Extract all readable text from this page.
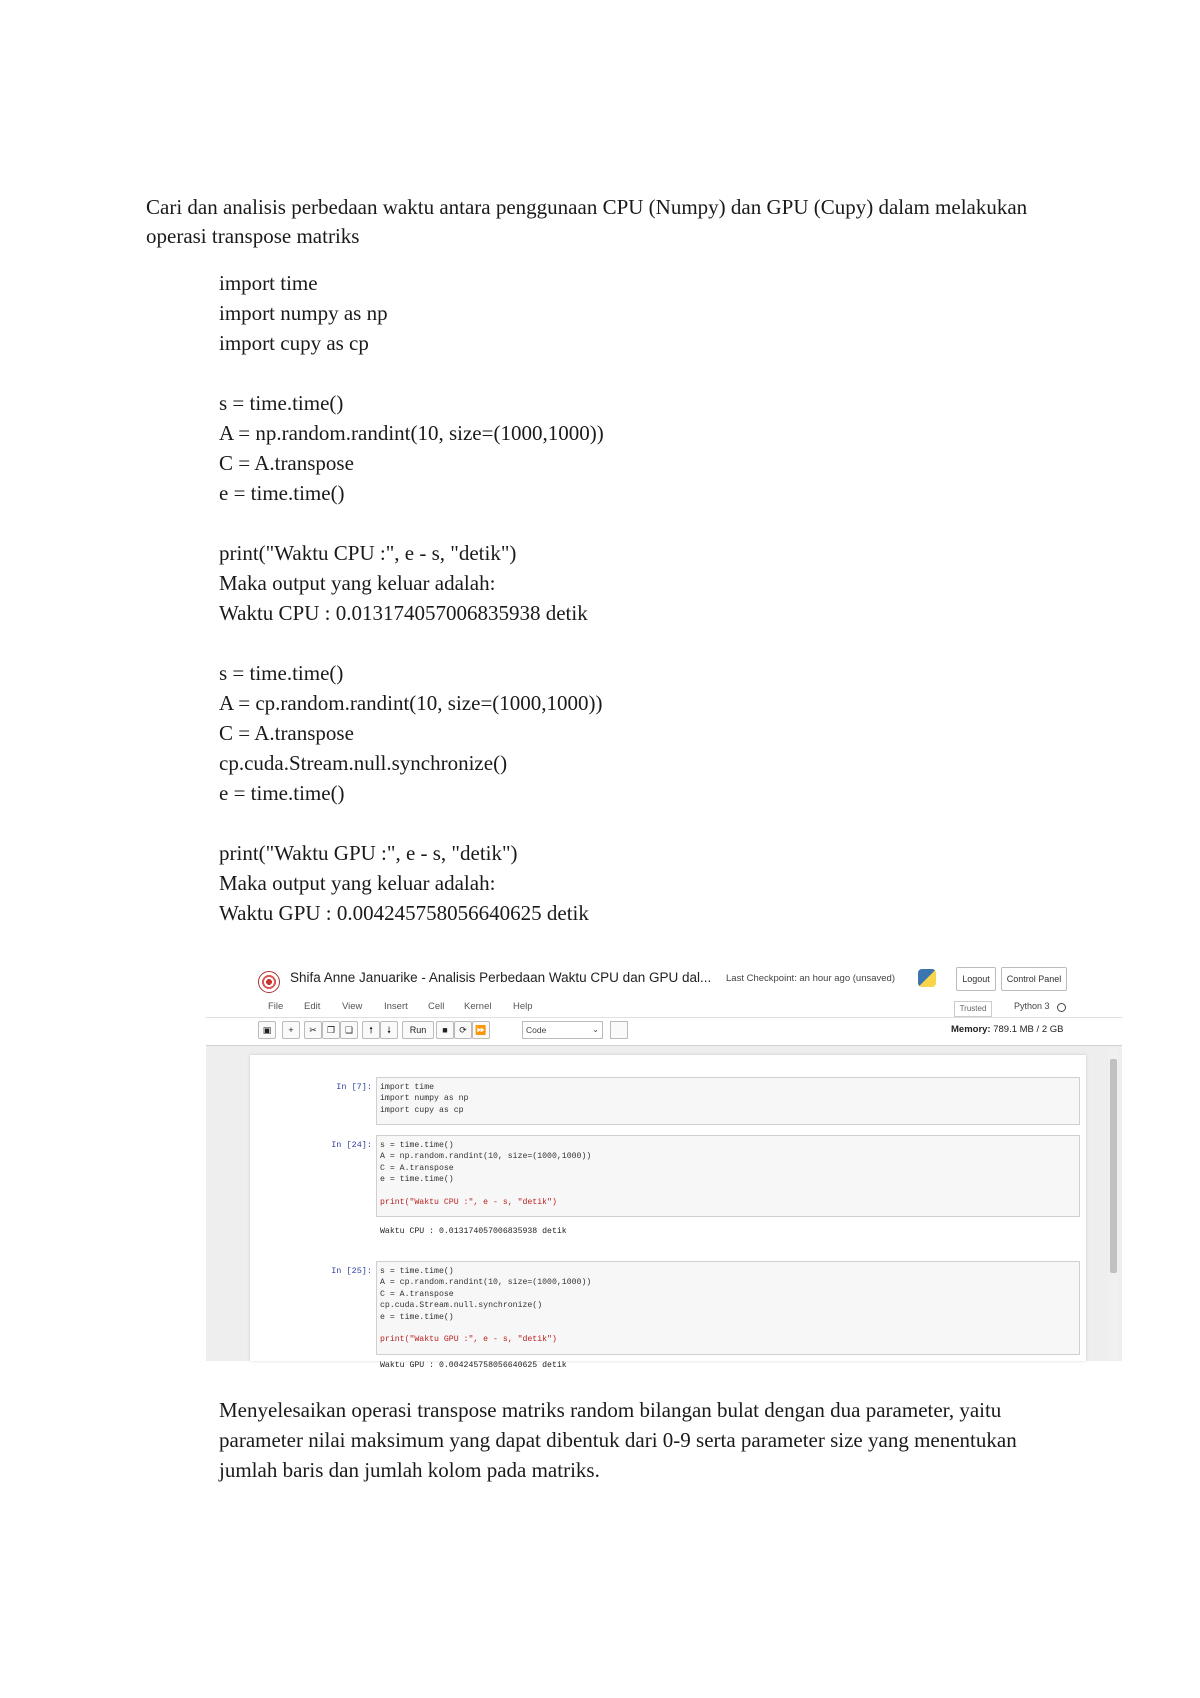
Cari dan analisis perbedaan waktu antara penggunaan CPU (Numpy) dan GPU (Cupy) dalam melakukan operasi transpose matriks

import time
import numpy as np
import cupy as cp
s = time.time()
A = np.random.randint(10, size=(1000,1000))
C = A.transpose
e = time.time()
print("Waktu CPU :", e - s, "detik")
Maka output yang keluar adalah:
Waktu CPU : 0.013174057006835938 detik
s = time.time()
A = cp.random.randint(10, size=(1000,1000))
C = A.transpose
cp.cuda.Stream.null.synchronize()
e = time.time()
print("Waktu GPU :", e - s, "detik")
Maka output yang keluar adalah:
Waktu GPU : 0.004245758056640625 detik
Shifa Anne Januarike - Analisis Perbedaan Waktu CPU dan GPU dal... Last Checkpoint: an hour ago (unsaved)	Logout	Control Panel
File Edit View Insert Cell Kernel Help	Trusted	Python 3
▣	+	✂	❐	❏	🠕	🠗	Run	■	⟳ ⏩	Code	⌄	Memory: 789.1 MB / 2 GB
In [7]: import time
import numpy as np
import cupy as cp
In [24]: s = time.time()
A = np.random.randint(10, size=(1000,1000))
C = A.transpose
e = time.time()
print("Waktu CPU :", e - s, "detik")
Waktu CPU : 0.013174057006835938 detik
In [25]: s = time.time()
A = cp.random.randint(10, size=(1000,1000))
C = A.transpose
cp.cuda.Stream.null.synchronize()
e = time.time()
print("Waktu GPU :", e - s, "detik")
Waktu GPU : 0.004245758056640625 detik

Menyelesaikan operasi transpose matriks random bilangan bulat dengan dua parameter, yaitu parameter nilai maksimum yang dapat dibentuk dari 0-9 serta parameter size yang menentukan jumlah baris dan jumlah kolom pada matriks.
